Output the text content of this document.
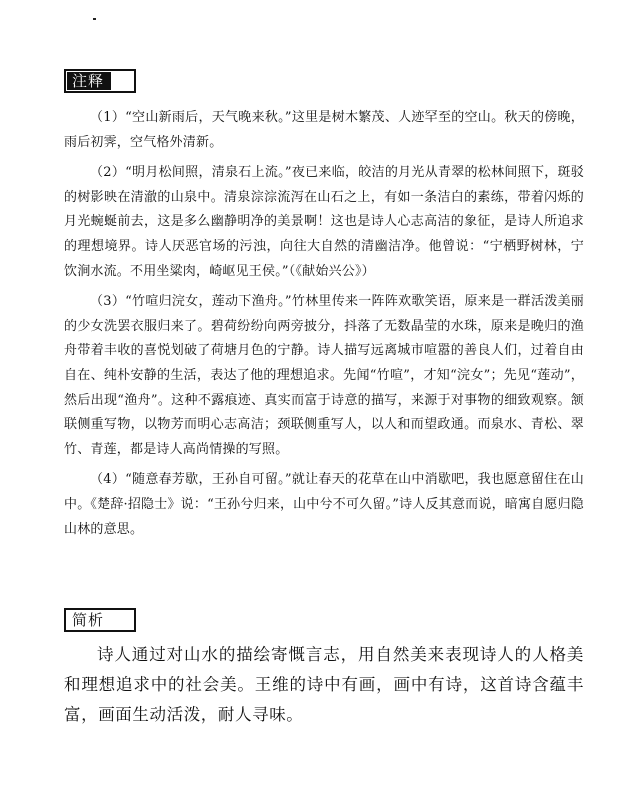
注释

（1）“空山新雨后，天气晚来秋。”这里是树木繁茂、人迹罕至的空山。秋天的傍晚，雨后初霁，空气格外清新。

（2）“明月松间照，清泉石上流。”夜已来临，皎洁的月光从青翠的松林间照下，斑驳的树影映在清澈的山泉中。清泉淙淙流泻在山石之上，有如一条洁白的素练，带着闪烁的月光蜿蜒前去，这是多么幽静明净的美景啊！这也是诗人心志高洁的象征，是诗人所追求的理想境界。诗人厌恶官场的污浊，向往大自然的清幽洁净。他曾说：“宁栖野树林，宁饮涧水流。不用坐粱肉，崎岖见王侯。”（《献始兴公》）

（3）“竹喧归浣女，莲动下渔舟。”竹林里传来一阵阵欢歌笑语，原来是一群活泼美丽的少女洗罢衣服归来了。碧荷纷纷向两旁披分，抖落了无数晶莹的水珠，原来是晚归的渔舟带着丰收的喜悦划破了荷塘月色的宁静。诗人描写远离城市喧嚣的善良人们，过着自由自在、纯朴安静的生活，表达了他的理想追求。先闻“竹喧”，才知“浣女”；先见“莲动”，然后出现“渔舟”。这种不露痕迹、真实而富于诗意的描写，来源于对事物的细致观察。颔联侧重写物，以物芳而明心志高洁；颈联侧重写人，以人和而望政通。而泉水、青松、翠竹、青莲，都是诗人高尚情操的写照。

（4）“随意春芳歇，王孙自可留。”就让春天的花草在山中消歇吧，我也愿意留住在山中。《楚辞·招隐士》说：“王孙兮归来，山中兮不可久留。”诗人反其意而说，暗寓自愿归隐山林的意思。

简析

诗人通过对山水的描绘寄慨言志，用自然美来表现诗人的人格美和理想追求中的社会美。王维的诗中有画，画中有诗，这首诗含蕴丰富，画面生动活泼，耐人寻味。
